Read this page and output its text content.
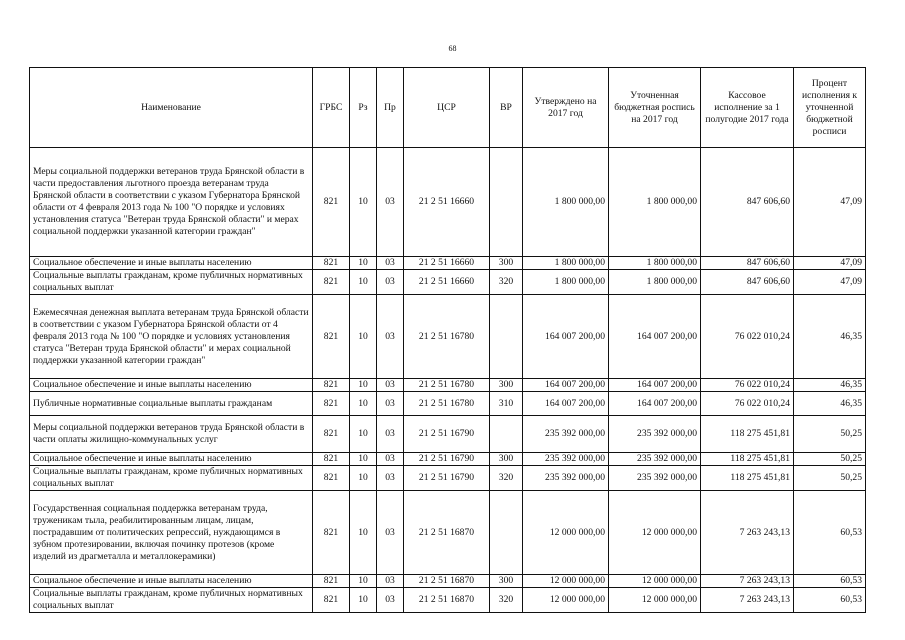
68
Наименование	ГРБС	Рз	Пр	ЦСР	ВР	Утверждено на 2017 год	Уточненная бюджетная роспись на 2017 год	Кассовое исполнение за 1 полугодие 2017 года	Процент исполнения к уточненной бюджетной росписи
Меры социальной поддержки ветеранов труда Брянской области в части предоставления льготного проезда ветеранам труда Брянской области в соответствии с указом Губернатора Брянской области от 4 февраля 2013 года № 100 "О порядке и условиях установления статуса "Ветеран труда Брянской области" и мерах социальной поддержки указанной категории граждан"	821	10	03	21 2 51 16660		1 800 000,00	1 800 000,00	847 606,60	47,09
Социальное обеспечение и иные выплаты населению	821	10	03	21 2 51 16660	300	1 800 000,00	1 800 000,00	847 606,60	47,09
Социальные выплаты гражданам, кроме публичных нормативных социальных выплат	821	10	03	21 2 51 16660	320	1 800 000,00	1 800 000,00	847 606,60	47,09
Ежемесячная денежная выплата ветеранам труда Брянской области в соответствии с указом Губернатора Брянской области от 4 февраля 2013 года № 100 "О порядке и условиях установления статуса "Ветеран труда Брянской области" и мерах социальной поддержки указанной категории граждан"	821	10	03	21 2 51 16780		164 007 200,00	164 007 200,00	76 022 010,24	46,35
Социальное обеспечение и иные выплаты населению	821	10	03	21 2 51 16780	300	164 007 200,00	164 007 200,00	76 022 010,24	46,35
Публичные нормативные социальные выплаты гражданам	821	10	03	21 2 51 16780	310	164 007 200,00	164 007 200,00	76 022 010,24	46,35
Меры социальной поддержки ветеранов труда Брянской области в части оплаты жилищно-коммунальных услуг	821	10	03	21 2 51 16790		235 392 000,00	235 392 000,00	118 275 451,81	50,25
Социальное обеспечение и иные выплаты населению	821	10	03	21 2 51 16790	300	235 392 000,00	235 392 000,00	118 275 451,81	50,25
Социальные выплаты гражданам, кроме публичных нормативных социальных выплат	821	10	03	21 2 51 16790	320	235 392 000,00	235 392 000,00	118 275 451,81	50,25
Государственная социальная поддержка ветеранам труда, труженикам тыла, реабилитированным лицам, лицам, пострадавшим от политических репрессий, нуждающимся в зубном протезировании, включая починку протезов (кроме изделий из драгметалла и металлокерамики)	821	10	03	21 2 51 16870		12 000 000,00	12 000 000,00	7 263 243,13	60,53
Социальное обеспечение и иные выплаты населению	821	10	03	21 2 51 16870	300	12 000 000,00	12 000 000,00	7 263 243,13	60,53
Социальные выплаты гражданам, кроме публичных нормативных социальных выплат	821	10	03	21 2 51 16870	320	12 000 000,00	12 000 000,00	7 263 243,13	60,53
